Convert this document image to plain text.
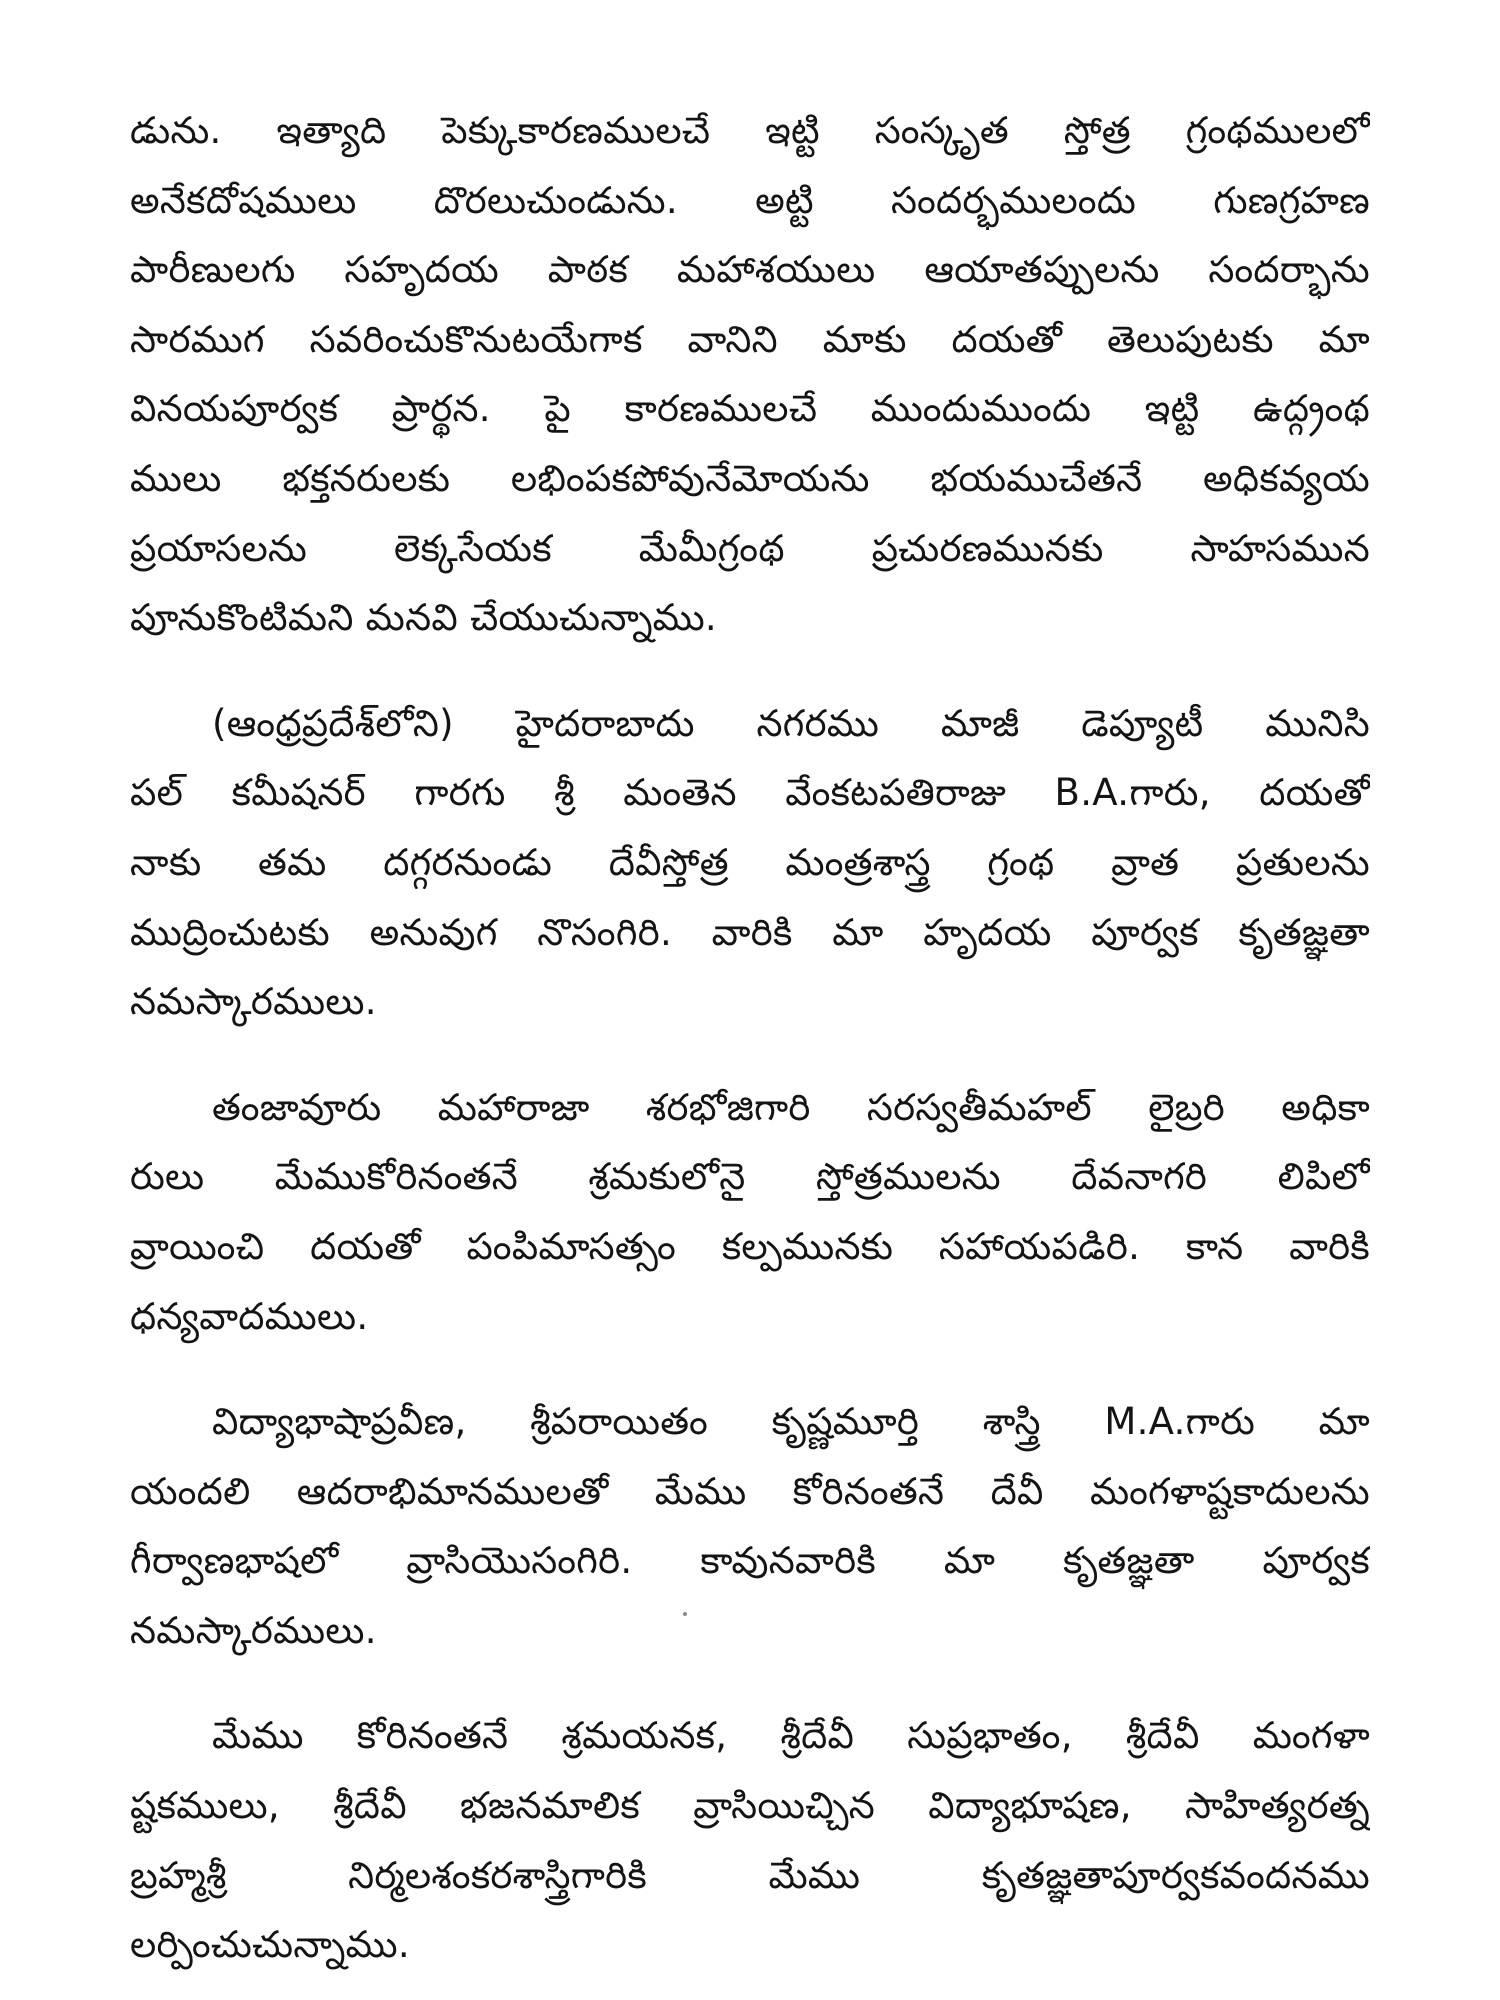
డును. ఇత్యాది పెక్కుకారణములచే ఇట్టి సంస్కృత స్తోత్ర గ్రంథములలో
అనేకదోషములు దొరలుచుండును. అట్టి సందర్భములందు గుణగ్రహణ
పారీణులగు సహృదయ పాఠక మహాశయులు ఆయాతప్పులను సందర్భాను
సారముగ సవరించుకొనుటయేగాక వానిని మాకు దయతో తెలుపుటకు మా
వినయపూర్వక ప్రార్థన. పై కారణములచే ముందుముందు ఇట్టి ఉద్గ్రంథ
ములు భక్తనరులకు లభింపకపోవునేమోయను భయముచేతనే అధికవ్యయ
ప్రయాసలను లెక్కసేయక మేమీగ్రంథ ప్రచురణమునకు సాహసమున
పూనుకొంటిమని మనవి చేయుచున్నాము.
(ఆంధ్రప్రదేశ్‌లోని) హైదరాబాదు నగరము మాజీ డెప్యూటీ మునిసి
పల్ కమీషనర్ గారగు శ్రీ మంతెన వేంకటపతిరాజు B.A.గారు, దయతో
నాకు తమ దగ్గరనుండు దేవీస్తోత్ర మంత్రశాస్త్ర గ్రంథ వ్రాత ప్రతులను
ముద్రించుటకు అనువుగ నొసంగిరి. వారికి మా హృదయ పూర్వక కృతజ్ఞతా
నమస్కారములు.
తంజావూరు మహారాజా శరభోజిగారి సరస్వతీమహల్ లైబ్రరి అధికా
రులు మేముకోరినంతనే శ్రమకులోనై స్తోత్రములను దేవనాగరి లిపిలో
వ్రాయించి దయతో పంపిమాసత్సం కల్పమునకు సహాయపడిరి. కాన వారికి
ధన్యవాదములు.
విద్యాభాషాప్రవీణ, శ్రీపరాయితం కృష్ణమూర్తి శాస్త్రి M.A.గారు మా
యందలి ఆదరాభిమానములతో మేము కోరినంతనే దేవీ మంగళాష్టకాదులను
గీర్వాణభాషలో వ్రాసియొసంగిరి. కావునవారికి మా కృతజ్ఞతా పూర్వక
నమస్కారములు.
మేము కోరినంతనే శ్రమయనక, శ్రీదేవీ సుప్రభాతం, శ్రీదేవీ మంగళా
ష్టకములు, శ్రీదేవీ భజనమాలిక వ్రాసియిచ్చిన విద్యాభూషణ, సాహిత్యరత్న
బ్రహ్మశ్రీ నిర్మలశంకరశాస్త్రిగారికి మేము కృతజ్ఞతాపూర్వకవందనము
లర్పించుచున్నాము.
